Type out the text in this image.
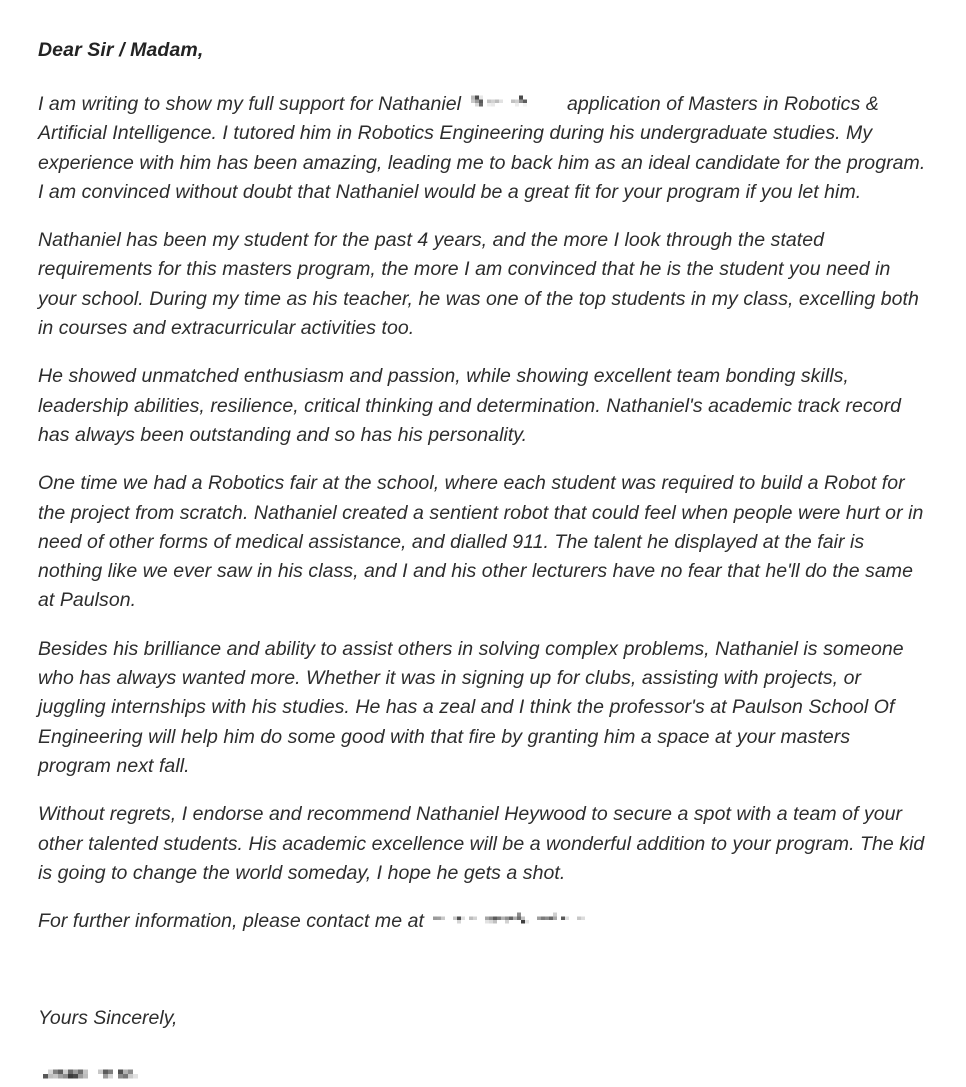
Dear Sir / Madam,

I am writing to show my full support for Nathaniel	application of Masters in Robotics & Artificial Intelligence. I tutored him in Robotics Engineering during his undergraduate studies. My experience with him has been amazing, leading me to back him as an ideal candidate for the program. I am convinced without doubt that Nathaniel would be a great fit for your program if you let him.

Nathaniel has been my student for the past 4 years, and the more I look through the stated requirements for this masters program, the more I am convinced that he is the student you need in your school. During my time as his teacher, he was one of the top students in my class, excelling both in courses and extracurricular activities too.

He showed unmatched enthusiasm and passion, while showing excellent team bonding skills, leadership abilities, resilience, critical thinking and determination. Nathaniel's academic track record has always been outstanding and so has his personality.

One time we had a Robotics fair at the school, where each student was required to build a Robot for the project from scratch. Nathaniel created a sentient robot that could feel when people were hurt or in need of other forms of medical assistance, and dialled 911. The talent he displayed at the fair is nothing like we ever saw in his class, and I and his other lecturers have no fear that he'll do the same at Paulson.

Besides his brilliance and ability to assist others in solving complex problems, Nathaniel is someone who has always wanted more. Whether it was in signing up for clubs, assisting with projects, or juggling internships with his studies. He has a zeal and I think the professor's at Paulson School Of Engineering will help him do some good with that fire by granting him a space at your masters program next fall.

Without regrets, I endorse and recommend Nathaniel Heywood to secure a spot with a team of your other talented students. His academic excellence will be a wonderful addition to your program. The kid is going to change the world someday, I hope he gets a shot.

For further information, please contact me at

Yours Sincerely,
